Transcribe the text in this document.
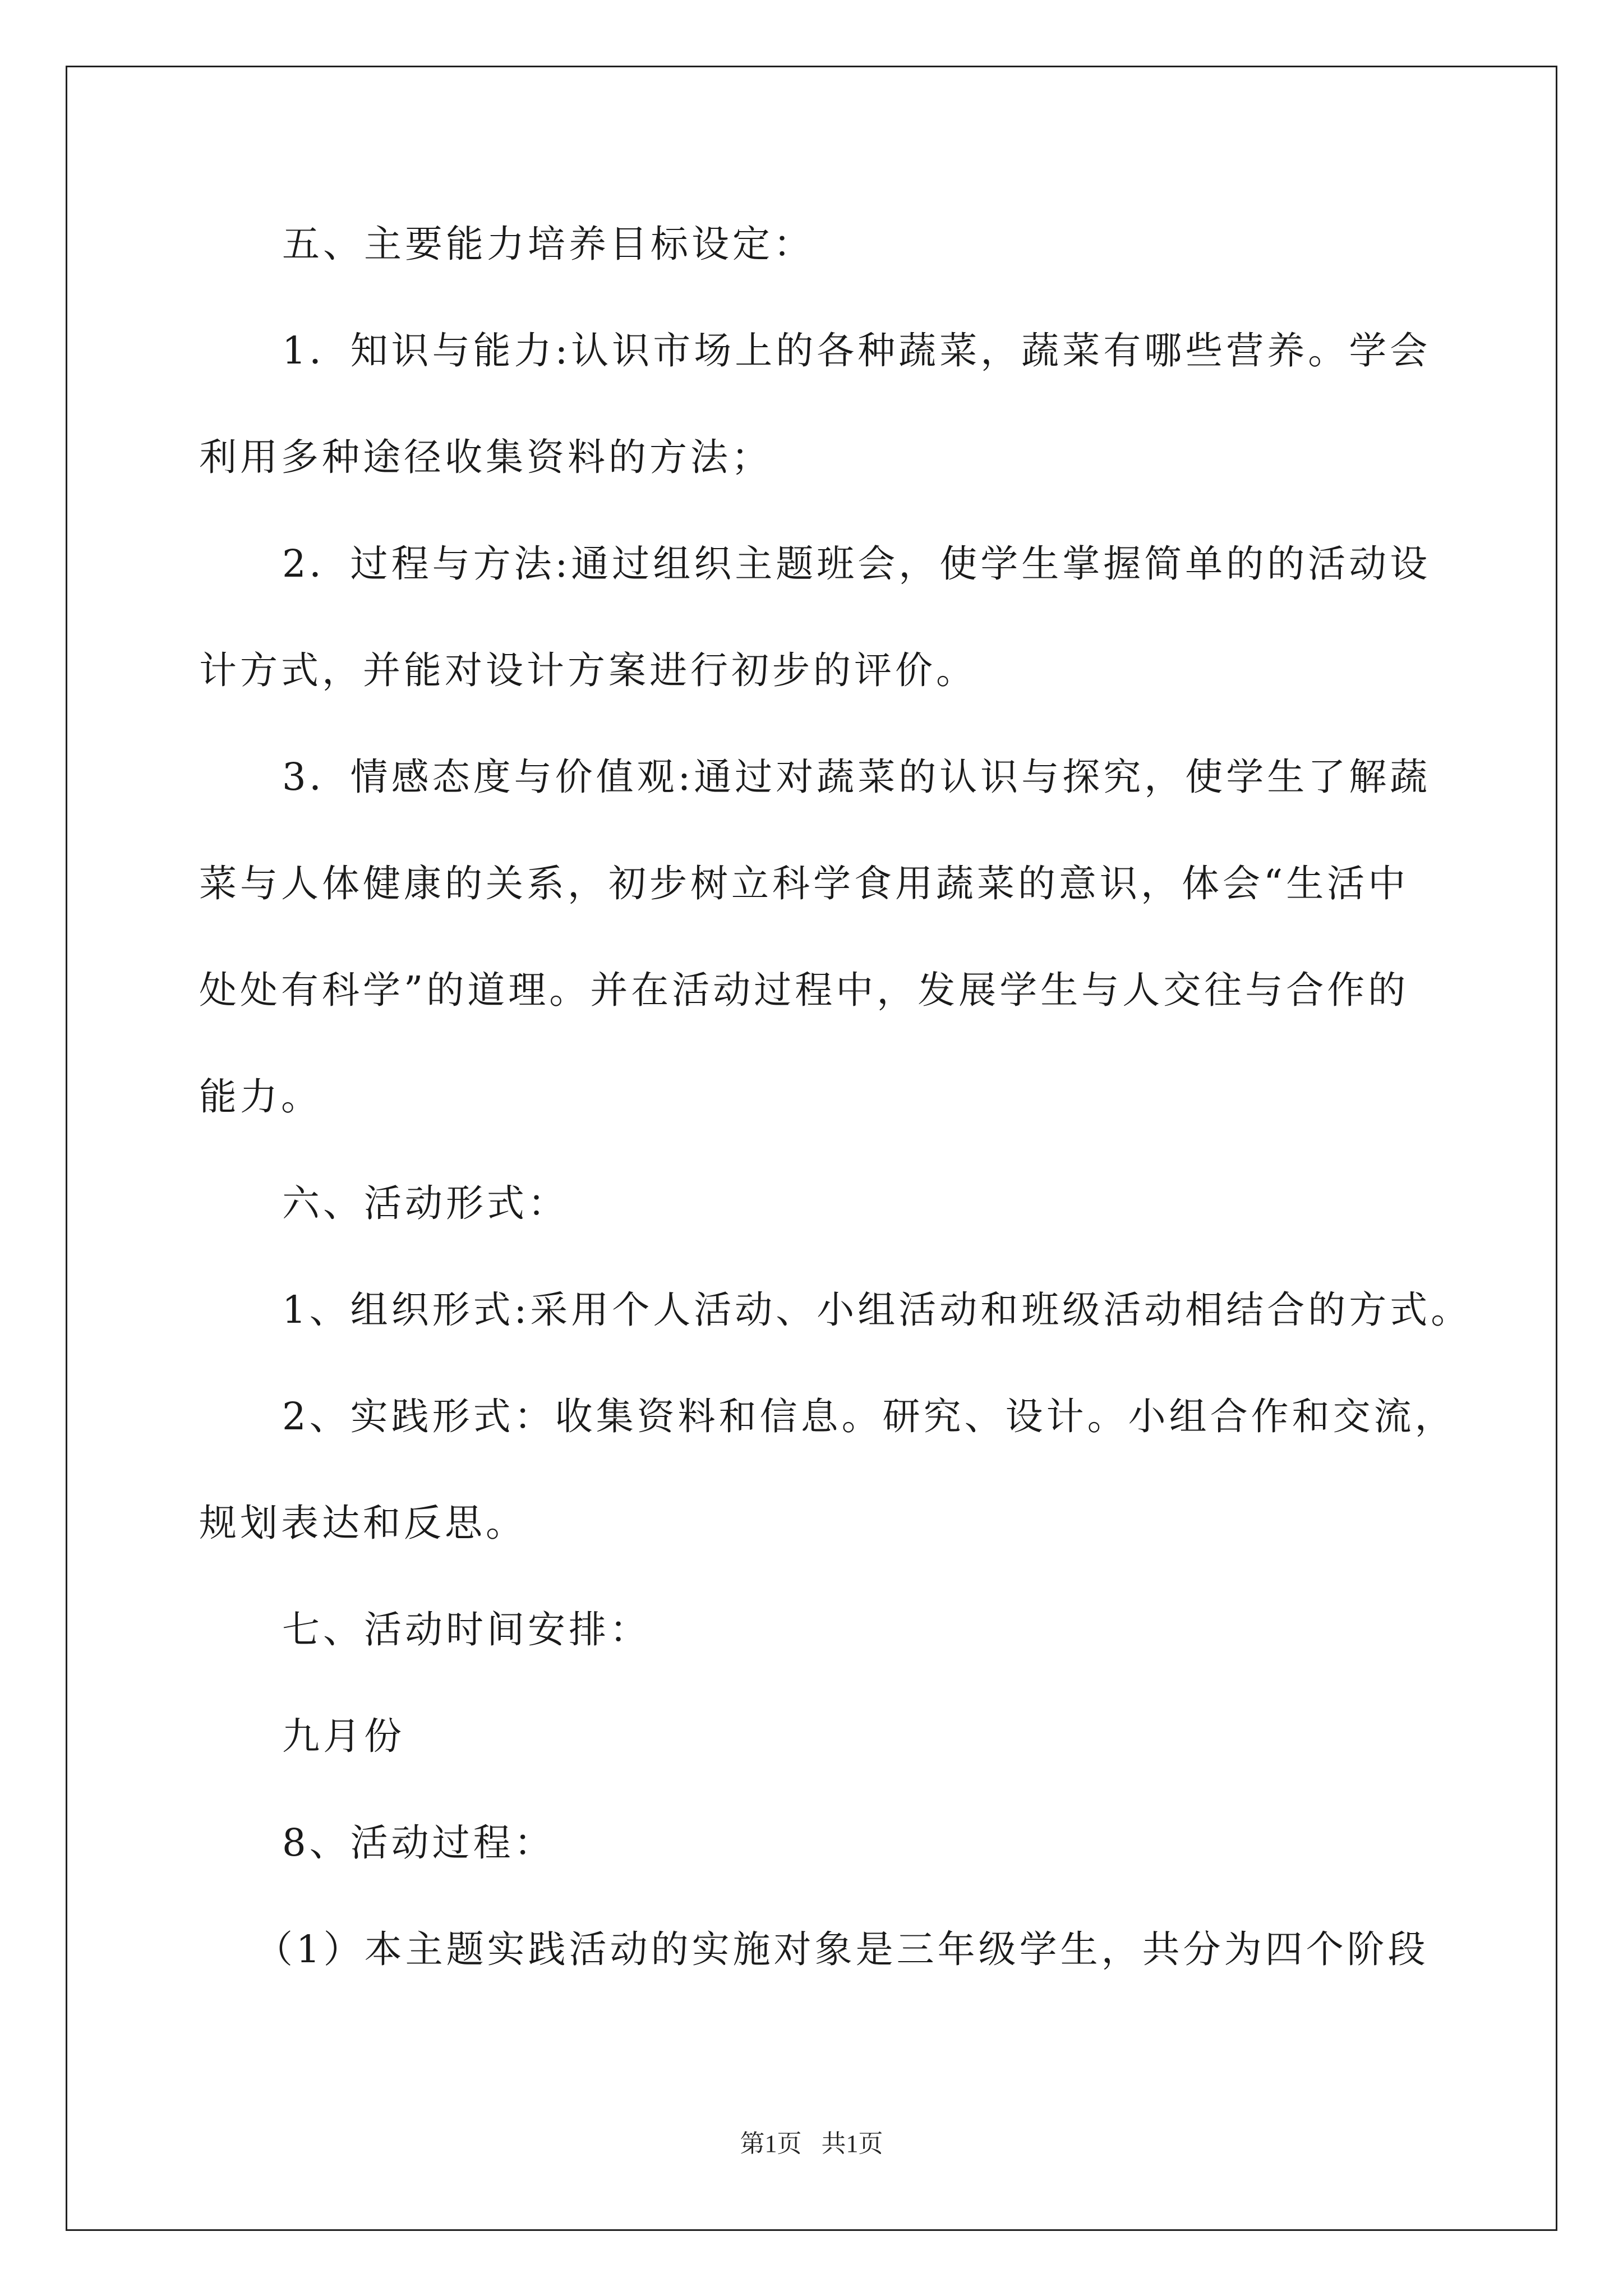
五、主要能力培养目标设定：
1．知识与能力:认识市场上的各种蔬菜，蔬菜有哪些营养。学会
利用多种途径收集资料的方法；
2．过程与方法:通过组织主题班会，使学生掌握简单的的活动设
计方式，并能对设计方案进行初步的评价。
3．情感态度与价值观:通过对蔬菜的认识与探究，使学生了解蔬
菜与人体健康的关系，初步树立科学食用蔬菜的意识，体会“生活中
处处有科学”的道理。并在活动过程中，发展学生与人交往与合作的
能力。
六、活动形式：
1、组织形式:采用个人活动、小组活动和班级活动相结合的方式。
2、实践形式：收集资料和信息。研究、设计。小组合作和交流，
规划表达和反思。
七、活动时间安排：
九月份
8、活动过程：
（1）本主题实践活动的实施对象是三年级学生，共分为四个阶段
第1页 共1页
